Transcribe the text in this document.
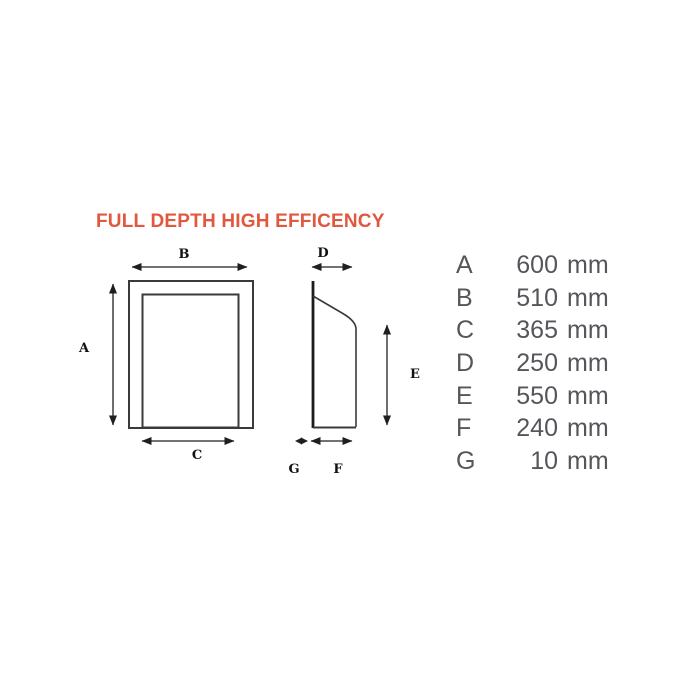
FULL DEPTH HIGH EFFICENCY
B
A
C
D
E
G	F
A	600 mm
B	510 mm
C	365 mm
D	250 mm
E	550 mm
F	240 mm
G	10 mm
